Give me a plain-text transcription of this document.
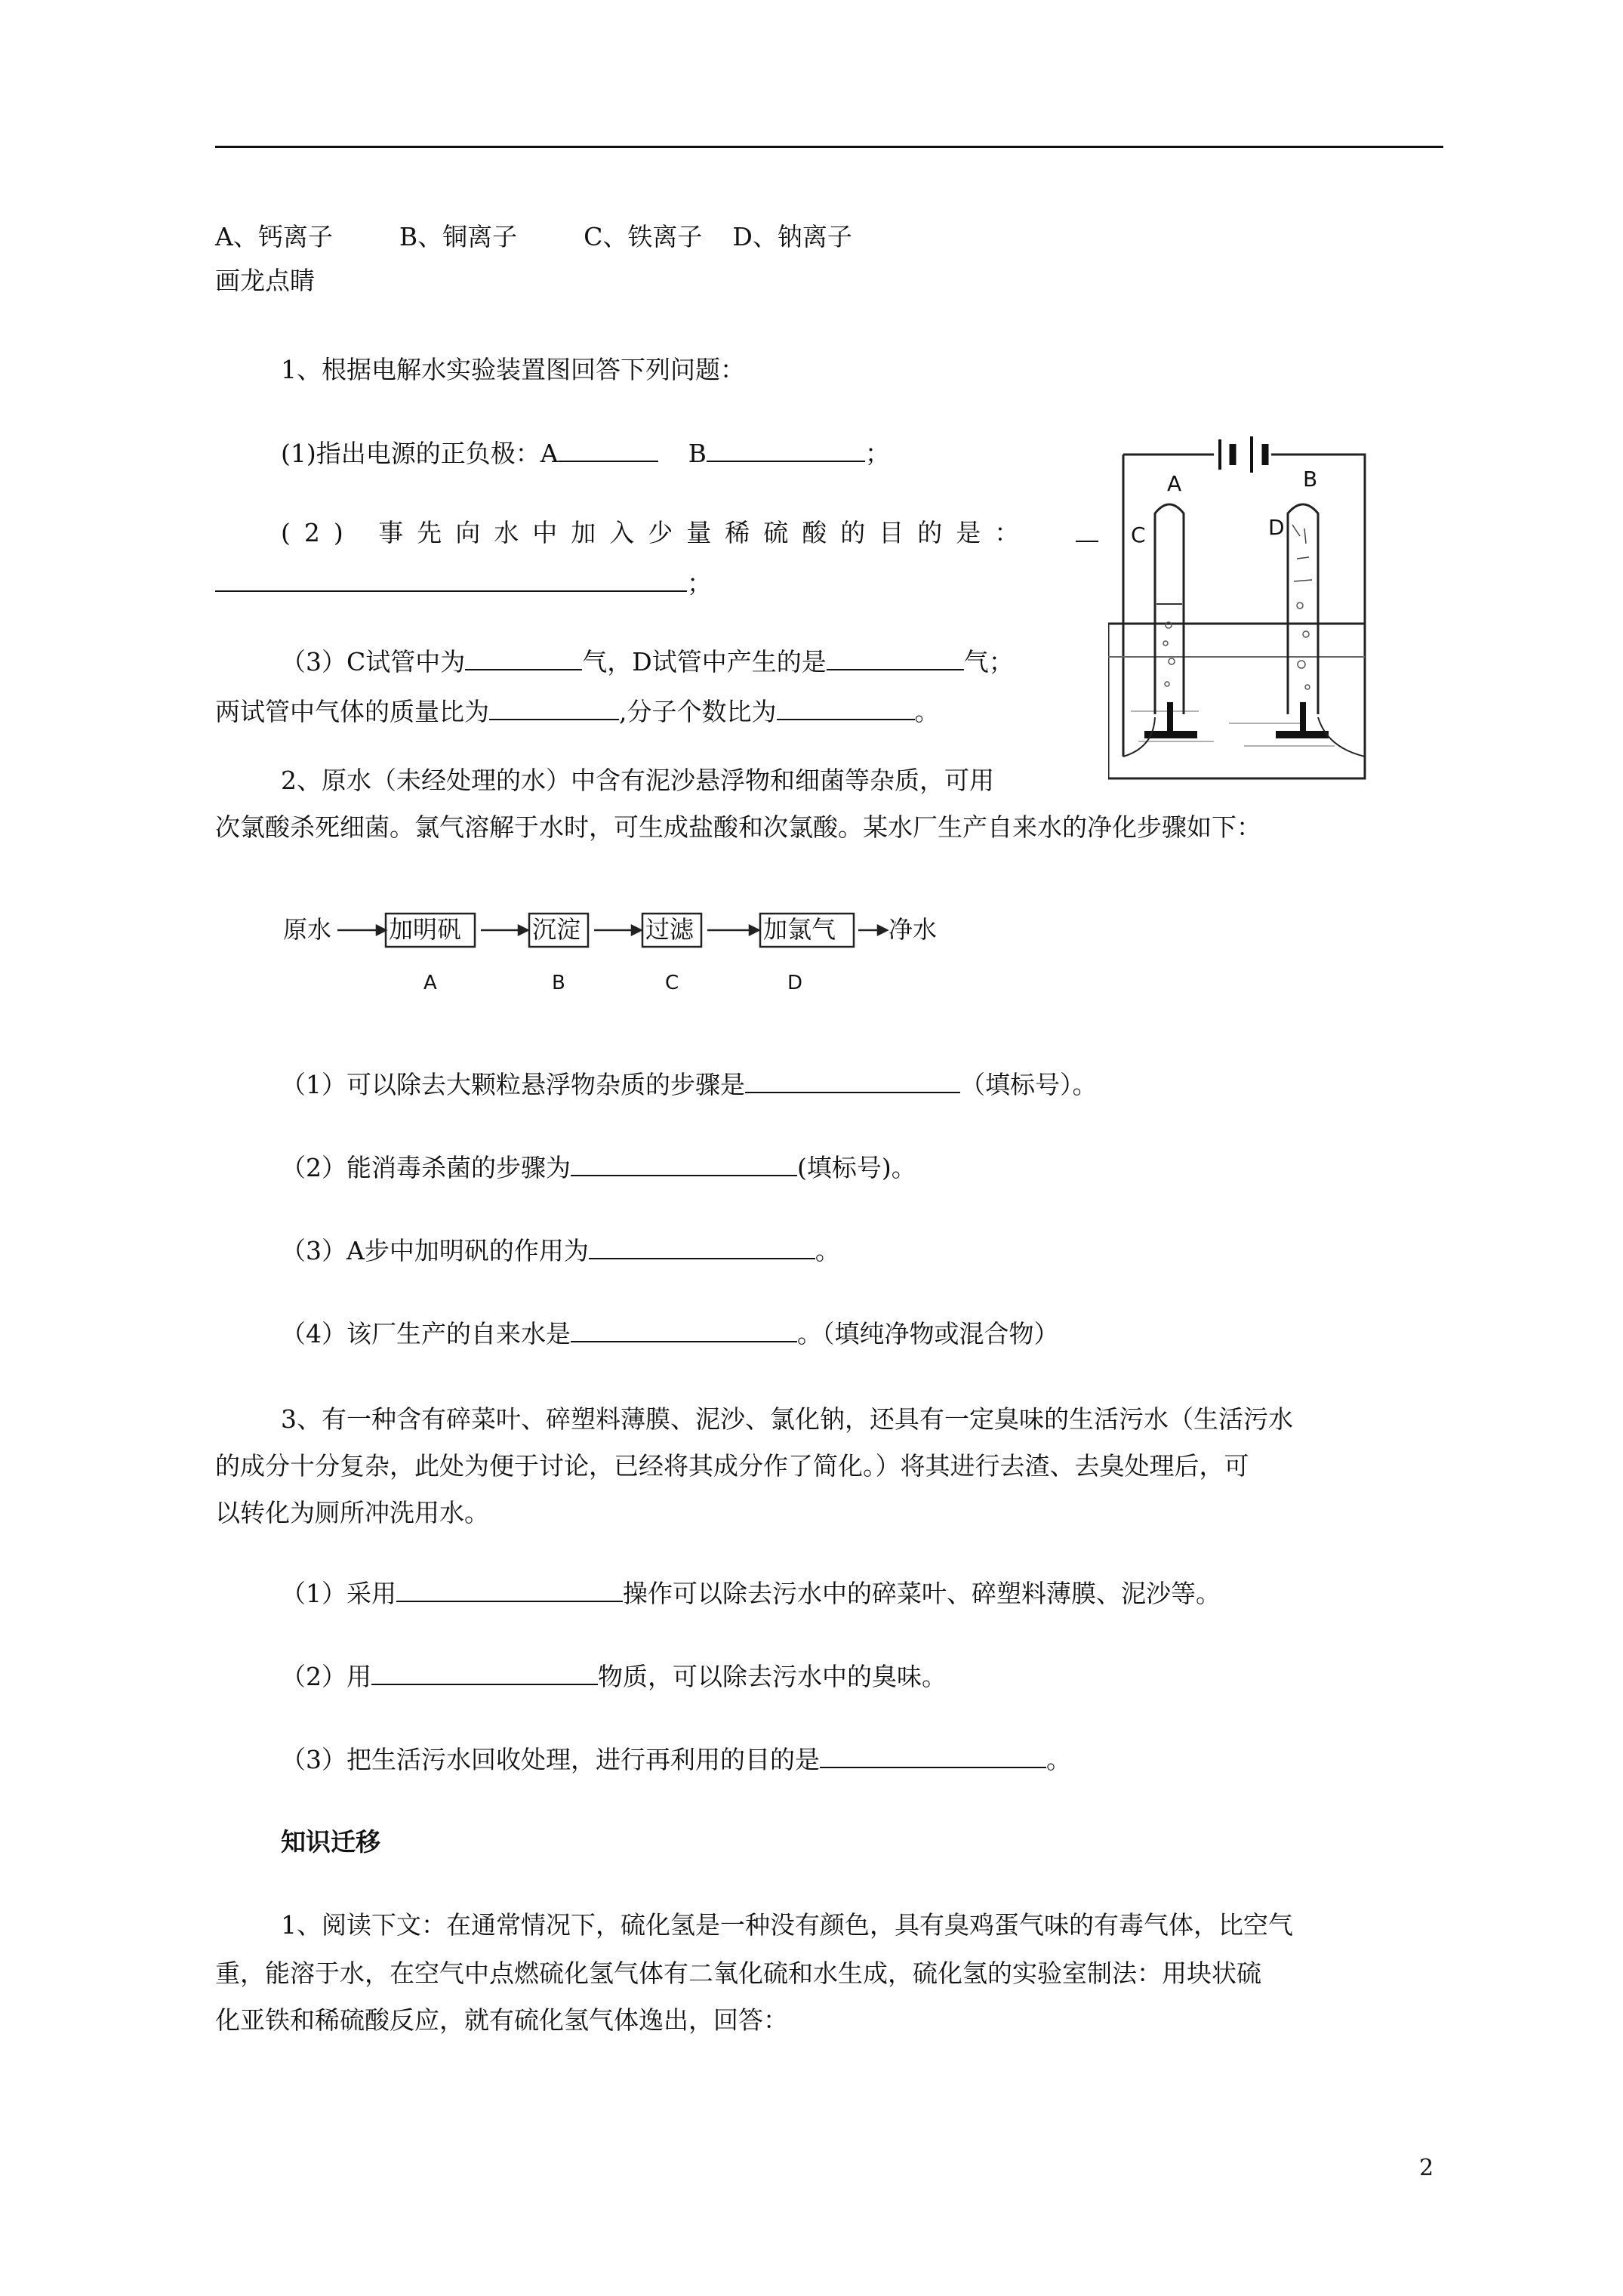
A、钙离子	B、铜离子	C、铁离子 D、钠离子
画龙点睛
1、根据电解水实验装置图回答下列问题：
(1)指出电源的正负极：A	B	；
(2) 事先向水中加入少量稀硫酸的目的是：
；
（3）C试管中为	气，D试管中产生的是	气；
两试管中气体的质量比为	,分子个数比为	。
A	B
C	D
2、原水（未经处理的水）中含有泥沙悬浮物和细菌等杂质，可用
次氯酸杀死细菌。氯气溶解于水时，可生成盐酸和次氯酸。某水厂生产自来水的净化步骤如下：
原水 加明矾	沉淀	过滤	加氯气 净水
A	B	C	D
（1）可以除去大颗粒悬浮物杂质的步骤是	（填标号）。
（2）能消毒杀菌的步骤为	(填标号)。
（3）A步中加明矾的作用为	。
（4）该厂生产的自来水是	。（填纯净物或混合物）
3、有一种含有碎菜叶、碎塑料薄膜、泥沙、氯化钠，还具有一定臭味的生活污水（生活污水
的成分十分复杂，此处为便于讨论，已经将其成分作了简化。）将其进行去渣、去臭处理后，可
以转化为厕所冲洗用水。
（1）采用	操作可以除去污水中的碎菜叶、碎塑料薄膜、泥沙等。
（2）用	物质，可以除去污水中的臭味。
（3）把生活污水回收处理，进行再利用的目的是	。
知识迁移
1、阅读下文：在通常情况下，硫化氢是一种没有颜色，具有臭鸡蛋气味的有毒气体，比空气
重，能溶于水，在空气中点燃硫化氢气体有二氧化硫和水生成，硫化氢的实验室制法：用块状硫
化亚铁和稀硫酸反应，就有硫化氢气体逸出，回答：
2
